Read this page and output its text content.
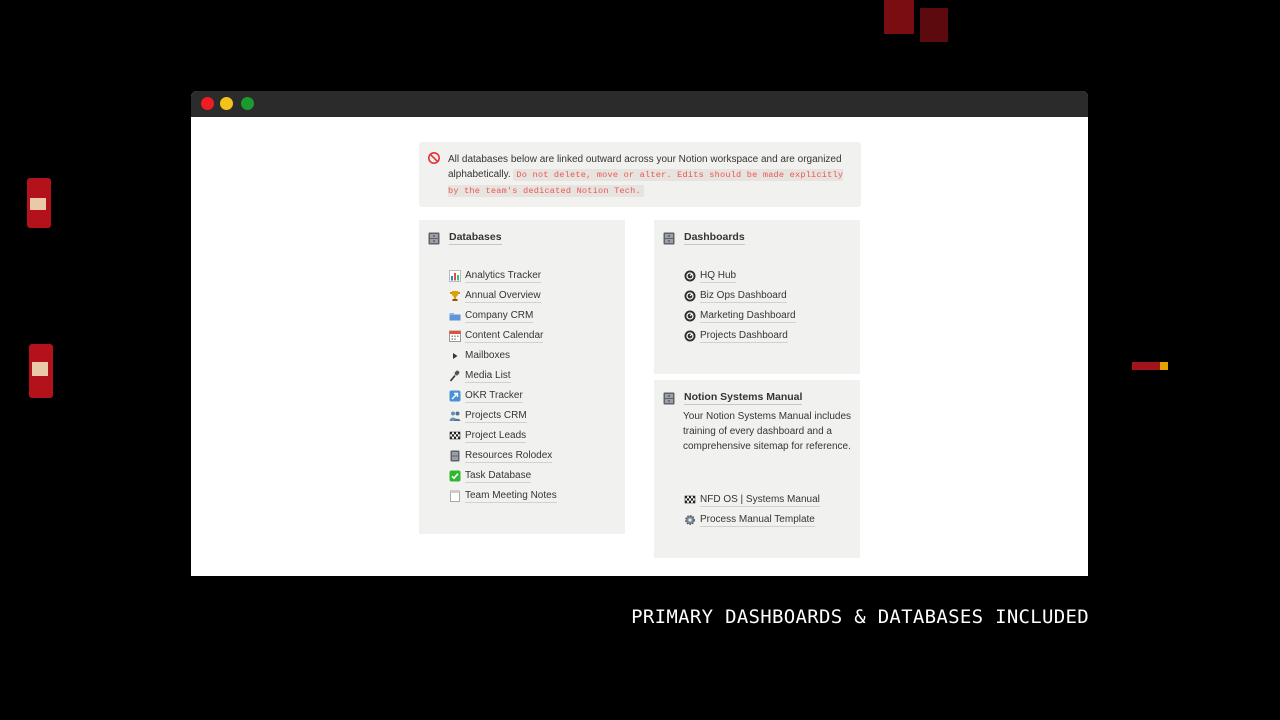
All databases below are linked outward across your Notion workspace and are organized alphabetically. Do not delete, move or alter. Edits should be made explicitly by the team's dedicated Notion Tech.
Databases
Analytics Tracker
Annual Overview
Company CRM
Content Calendar
Mailboxes
Media List
OKR Tracker
Projects CRM
Project Leads
Resources Rolodex
Task Database
Team Meeting Notes
Dashboards
HQ Hub
Biz Ops Dashboard
Marketing Dashboard
Projects Dashboard
Notion Systems Manual
Your Notion Systems Manual includes training of every dashboard and a comprehensive sitemap for reference.
NFD OS | Systems Manual
Process Manual Template
PRIMARY DASHBOARDS & DATABASES INCLUDED
